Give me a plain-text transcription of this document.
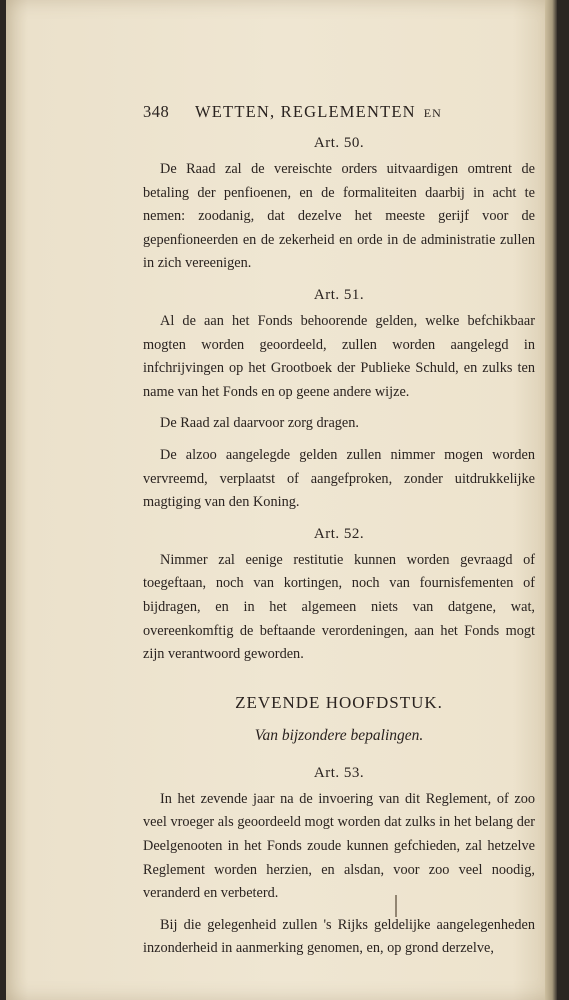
348	WETTEN, REGLEMENTEN EN
Art. 50.

De Raad zal de vereischte orders uitvaardigen omtrent de betaling der penfioenen, en de formaliteiten daarbij in acht te nemen: zoodanig, dat dezelve het meeste gerijf voor de gepenfioneerden en de zekerheid en orde in de administratie zullen in zich vereenigen.

Art. 51.

Al de aan het Fonds behoorende gelden, welke befchikbaar mogten worden geoordeeld, zullen worden aangelegd in infchrijvingen op het Grootboek der Publieke Schuld, en zulks ten name van het Fonds en op geene andere wijze.

De Raad zal daarvoor zorg dragen.

De alzoo aangelegde gelden zullen nimmer mogen worden vervreemd, verplaatst of aangefproken, zonder uitdrukkelijke magtiging van den Koning.

Art. 52.

Nimmer zal eenige restitutie kunnen worden gevraagd of toegeftaan, noch van kortingen, noch van fournisfementen of bijdragen, en in het algemeen niets van datgene, wat, overeenkomftig de beftaande verordeningen, aan het Fonds mogt zijn verantwoord geworden.

ZEVENDE HOOFDSTUK.
Van bijzondere bepalingen.
Art. 53.

In het zevende jaar na de invoering van dit Reglement, of zoo veel vroeger als geoordeeld mogt worden dat zulks in het belang der Deelgenooten in het Fonds zoude kunnen gefchieden, zal hetzelve Reglement worden herzien, en alsdan, voor zoo veel noodig, veranderd en verbeterd.

Bij die gelegenheid zullen 's Rijks geldelijke aangelegenheden inzonderheid in aanmerking genomen, en, op grond derzelve,
